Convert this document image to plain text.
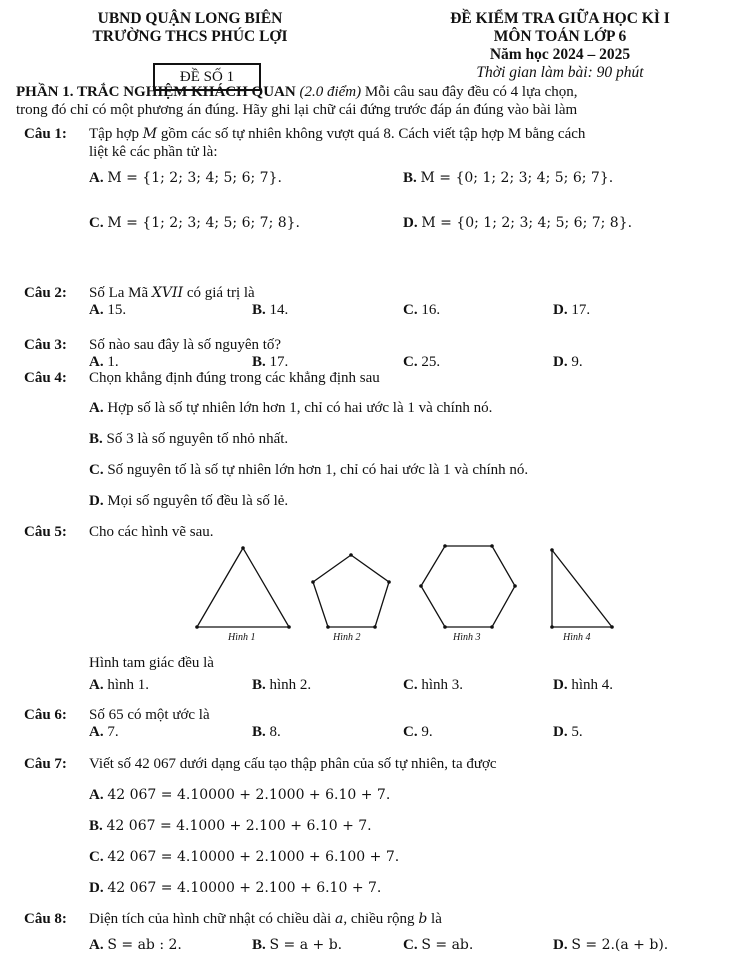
UBND QUẬN LONG BIÊN
TRƯỜNG THCS PHÚC LỢI
ĐỀ SỐ 1
ĐỀ KIỂM TRA GIỮA HỌC KÌ I
MÔN TOÁN LỚP 6
Năm học 2024 – 2025
Thời gian làm bài: 90 phút
PHẦN 1. TRẮC NGHIỆM KHÁCH QUAN (2.0 điểm) Mỗi câu sau đây đều có 4 lựa chọn,
trong đó chỉ có một phương án đúng. Hãy ghi lại chữ cái đứng trước đáp án đúng vào bài làm
Câu 1: Tập hợp M gồm các số tự nhiên không vượt quá 8. Cách viết tập hợp M bằng cách
liệt kê các phần tử là:
A. M = {1; 2; 3; 4; 5; 6; 7}.	B. M = {0; 1; 2; 3; 4; 5; 6; 7}.
C. M = {1; 2; 3; 4; 5; 6; 7; 8}.	D. M = {0; 1; 2; 3; 4; 5; 6; 7; 8}.
Câu 2: Số La Mã XVII có giá trị là
A. 15.	B. 14.	C. 16.	D. 17.
Câu 3: Số nào sau đây là số nguyên tố?
A. 1.	B. 17.	C. 25.	D. 9.
Câu 4: Chọn khẳng định đúng trong các khẳng định sau
A. Hợp số là số tự nhiên lớn hơn 1, chỉ có hai ước là 1 và chính nó.
B. Số 3 là số nguyên tố nhỏ nhất.
C. Số nguyên tố là số tự nhiên lớn hơn 1, chỉ có hai ước là 1 và chính nó.
D. Mọi số nguyên tố đều là số lẻ.
Câu 5: Cho các hình vẽ sau.
Hình 1	Hình 2	Hình 3	Hình 4
Hình tam giác đều là
A. hình 1.	B. hình 2.	C. hình 3.	D. hình 4.
Câu 6: Số 65 có một ước là
A. 7.	B. 8.	C. 9.	D. 5.
Câu 7: Viết số 42 067 dưới dạng cấu tạo thập phân của số tự nhiên, ta được
A. 42 067 = 4.10000 + 2.1000 + 6.10 + 7.
B. 42 067 = 4.1000 + 2.100 + 6.10 + 7.
C. 42 067 = 4.10000 + 2.1000 + 6.100 + 7.
D. 42 067 = 4.10000 + 2.100 + 6.10 + 7.
Câu 8: Diện tích của hình chữ nhật có chiều dài a, chiều rộng b là
A. S = ab : 2.	B. S = a + b.	C. S = ab.	D. S = 2.(a + b).
